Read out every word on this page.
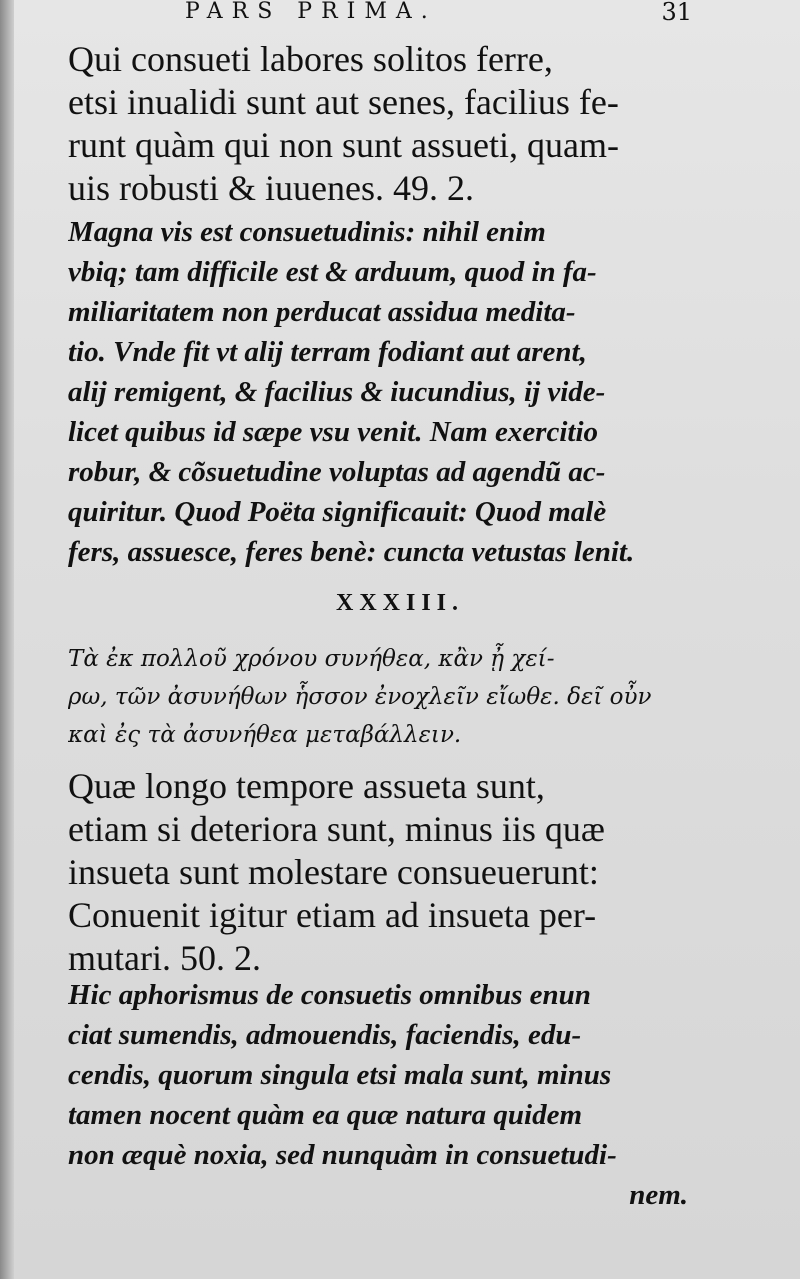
PARS PRIMA.	31
Qui consueti labores solitos ferre,
etsi inualidi sunt aut senes, facilius fe-
runt quàm qui non sunt assueti, quam-
uis robusti & iuuenes. 49. 2.
Magna vis est consuetudinis: nihil enim
vbiq; tam difficile est & arduum, quod in fa-
miliaritatem non perducat assidua medita-
tio. Vnde fit vt alij terram fodiant aut arent,
alij remigent, & facilius & iucundius, ij vide-
licet quibus id sæpe vsu venit. Nam exercitio
robur, & cõsuetudine voluptas ad agendũ ac-
quiritur. Quod Poëta significauit: Quod malè
fers, assuesce, feres benè: cuncta vetustas lenit.
XXXIII.
Τὰ ἐκ πολλοῦ χρόνου συνήθεα, κἂν ᾖ χεί-
ρω, τῶν ἀσυνήθων ἧσσον ἐνοχλεῖν εἴωθε. δεῖ οὖν
καὶ ἐς τὰ ἀσυνήθεα μεταβάλλειν.
Quæ longo tempore assueta sunt,
etiam si deteriora sunt, minus iis quæ
insueta sunt molestare consueuerunt:
Conuenit igitur etiam ad insueta per-
mutari. 50. 2.
Hic aphorismus de consuetis omnibus enun
ciat sumendis, admouendis, faciendis, edu-
cendis, quorum singula etsi mala sunt, minus
tamen nocent quàm ea quæ natura quidem
non æquè noxia, sed nunquàm in consuetudi-
nem.
